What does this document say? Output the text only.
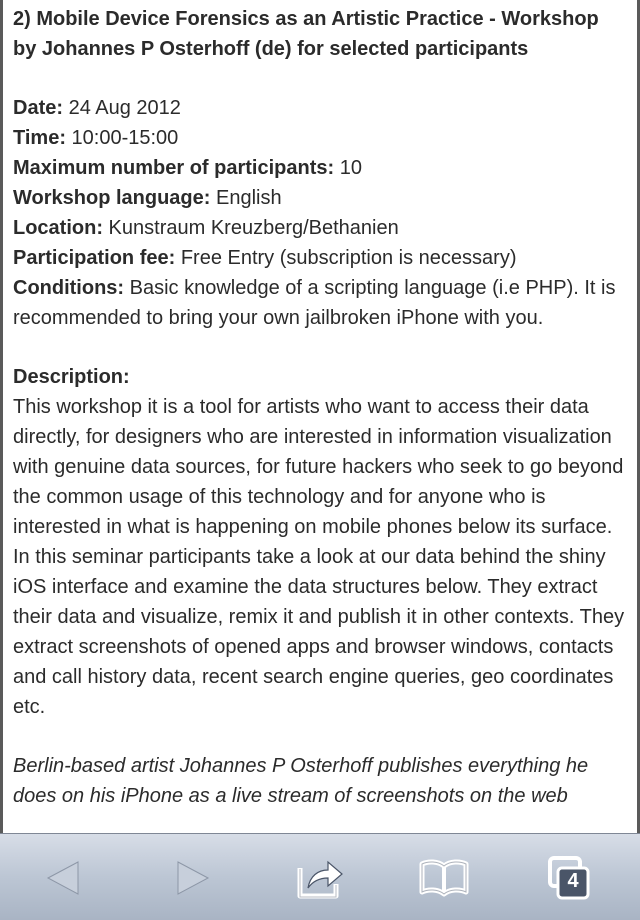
2) Mobile Device Forensics as an Artistic Practice - Workshop by Johannes P Osterhoff (de) for selected participants

Date: 24 Aug 2012

Time: 10:00-15:00

Maximum number of participants: 10

Workshop language: English

Location: Kunstraum Kreuzberg/Bethanien

Participation fee: Free Entry (subscription is necessary)

Conditions: Basic knowledge of a scripting language (i.e PHP). It is recommended to bring your own jailbroken iPhone with you.

Description:

This workshop it is a tool for artists who want to access their data directly, for designers who are interested in information visualization with genuine data sources, for future hackers who seek to go beyond the common usage of this technology and for anyone who is interested in what is happening on mobile phones below its surface. In this seminar participants take a look at our data behind the shiny iOS interface and examine the data structures below. They extract their data and visualize, remix it and publish it in other contexts. They extract screenshots of opened apps and browser windows, contacts and call history data, recent search engine queries, geo coordinates etc.

Berlin-based artist Johannes P Osterhoff publishes everything he does on his iPhone as a live stream of screenshots on the web

4
